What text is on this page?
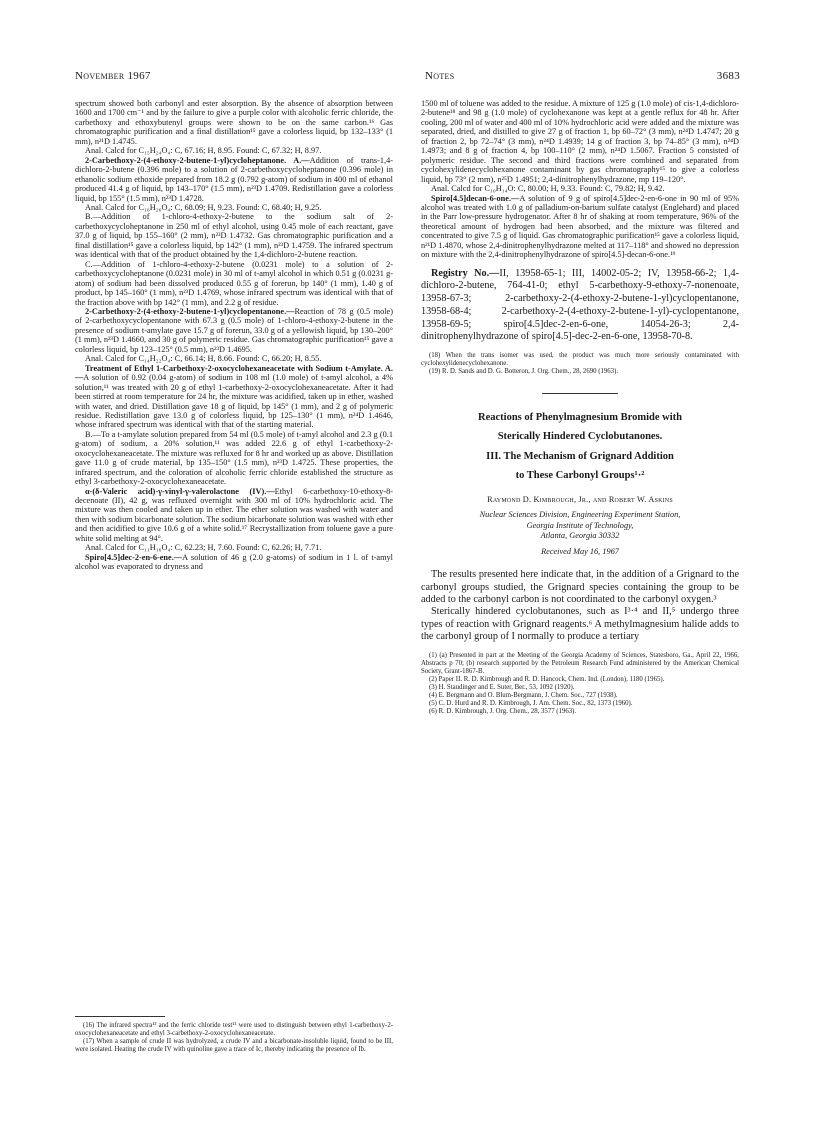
November 1967	Notes	3683

spectrum showed both carbonyl and ester absorption. By the absence of absorption between 1600 and 1700 cm⁻¹ and by the failure to give a purple color with alcoholic ferric chloride, the carbethoxy and ethoxybutenyl groups were shown to be on the same carbon.¹⁶ Gas chromatographic purification and a final distillation¹⁵ gave a colorless liquid, bp 132–133° (1 mm), n²¹D 1.4745.

Anal. Calcd for C₁₅H₂₄O₄: C, 67.16; H, 8.95. Found: C, 67.32; H, 8.97.

2-Carbethoxy-2-(4-ethoxy-2-butene-1-yl)cycloheptanone. A.—Addition of trans-1,4-dichloro-2-butene (0.396 mole) to a solution of 2-carbethoxycycloheptanone (0.396 mole) in ethanolic sodium ethoxide prepared from 18.2 g (0.792 g-atom) of sodium in 400 ml of ethanol produced 41.4 g of liquid, bp 143–170° (1.5 mm), n²³D 1.4709. Redistillation gave a colorless liquid, bp 155° (1.5 mm), n²³D 1.4728.

Anal. Calcd for C₁₆H₂₆O₄: C, 68.09; H, 9.23. Found: C, 68.40; H, 9.25.

B.—Addition of 1-chloro-4-ethoxy-2-butene to the sodium salt of 2-carbethoxycycloheptanone in 250 ml of ethyl alcohol, using 0.45 mole of each reactant, gave 37.0 g of liquid, bp 155–160° (2 mm), n²³D 1.4732. Gas chromatographic purification and a final distillation¹⁵ gave a colorless liquid, bp 142° (1 mm), n²³D 1.4759. The infrared spectrum was identical with that of the product obtained by the 1,4-dichloro-2-butene reaction.

C.—Addition of 1-chloro-4-ethoxy-2-butene (0.0231 mole) to a solution of 2-carbethoxycycloheptanone (0.0231 mole) in 30 ml of t-amyl alcohol in which 0.51 g (0.0231 g-atom) of sodium had been dissolved produced 0.55 g of forerun, bp 140° (1 mm), 1.40 g of product, bp 145–160° (1 mm), n²³D 1.4769, whose infrared spectrum was identical with that of the fraction above with bp 142° (1 mm), and 2.2 g of residue.

2-Carbethoxy-2-(4-ethoxy-2-butene-1-yl)cyclopentanone.—Reaction of 78 g (0.5 mole) of 2-carbethoxycyclopentanone with 67.3 g (0.5 mole) of 1-chloro-4-ethoxy-2-butene in the presence of sodium t-amylate gave 15.7 g of forerun, 33.0 g of a yellowish liquid, bp 130–200° (1 mm), n²³D 1.4660, and 30 g of polymeric residue. Gas chromatographic purification¹⁵ gave a colorless liquid, bp 123–125° (0.5 mm), n²³D 1.4695.

Anal. Calcd for C₁₄H₂₂O₄: C, 66.14; H, 8.66. Found: C, 66.20; H, 8.55.

Treatment of Ethyl 1-Carbethoxy-2-oxocyclohexaneacetate with Sodium t-Amylate. A.—A solution of 0.92 (0.04 g-atom) of sodium in 108 ml (1.0 mole) of t-amyl alcohol, a 4% solution,¹¹ was treated with 20 g of ethyl 1-carbethoxy-2-oxocyclohexaneacetate. After it had been stirred at room temperature for 24 hr, the mixture was acidified, taken up in ether, washed with water, and dried. Distillation gave 18 g of liquid, bp 145° (1 mm), and 2 g of polymeric residue. Redistillation gave 13.0 g of colorless liquid, bp 125–130° (1 mm), n²⁴D 1.4646, whose infrared spectrum was identical with that of the starting material.

B.—To a t-amylate solution prepared from 54 ml (0.5 mole) of t-amyl alcohol and 2.3 g (0.1 g-atom) of sodium, a 20% solution,¹¹ was added 22.6 g of ethyl 1-carbethoxy-2-oxocyclohexaneacetate. The mixture was refluxed for 8 hr and worked up as above. Distillation gave 11.0 g of crude material, bp 135–150° (1.5 mm), n²³D 1.4725. These properties, the infrared spectrum, and the coloration of alcoholic ferric chloride established the structure as ethyl 3-carbethoxy-2-oxocyclohexaneacetate.

α-(δ-Valeric acid)-γ-vinyl-γ-valerolactone (IV).—Ethyl 6-carbethoxy-10-ethoxy-8-decenoate (II), 42 g, was refluxed overnight with 300 ml of 10% hydrochloric acid. The mixture was then cooled and taken up in ether. The ether solution was washed with water and then with sodium bicarbonate solution. The sodium bicarbonate solution was washed with ether and then acidified to give 10.6 g of a white solid.¹⁷ Recrystallization from toluene gave a pure white solid melting at 94°.

Anal. Calcd for C₁₁H₁₆O₄: C, 62.23; H, 7.60. Found: C, 62.26; H, 7.71.

Spiro[4.5]dec-2-en-6-ene.—A solution of 46 g (2.0 g-atoms) of sodium in 1 l. of t-amyl alcohol was evaporated to dryness and

(16) The infrared spectra¹³ and the ferric chloride test¹¹ were used to distinguish between ethyl 1-carbethoxy-2-oxocyclohexaneacetate and ethyl 3-carbethoxy-2-oxocyclohexaneacetate.

(17) When a sample of crude II was hydrolyzed, a crude IV and a bicarbonate-insoluble liquid, found to be III, were isolated. Heating the crude IV with quinoline gave a trace of Ic, thereby indicating the presence of Ib.

1500 ml of toluene was added to the residue. A mixture of 125 g (1.0 mole) of cis-1,4-dichloro-2-butene¹⁸ and 98 g (1.0 mole) of cyclohexanone was kept at a gentle reflux for 48 hr. After cooling, 200 ml of water and 400 ml of 10% hydrochloric acid were added and the mixture was separated, dried, and distilled to give 27 g of fraction 1, bp 60–72° (3 mm), n²⁴D 1.4747; 20 g of fraction 2, bp 72–74° (3 mm), n²⁴D 1.4939; 14 g of fraction 3, bp 74–85° (3 mm), n²⁴D 1.4973; and 8 g of fraction 4, bp 100–110° (2 mm), n²⁴D 1.5067. Fraction 5 consisted of polymeric residue. The second and third fractions were combined and separated from cyclohexylidenecyclohexanone contaminant by gas chromatography¹⁵ to give a colorless liquid, bp 73° (2 mm), n²⁵D 1.4951; 2,4-dinitrophenylhydrazone, mp 119–120°.

Anal. Calcd for C₁₀H₁₄O: C, 80.00; H, 9.33. Found: C, 79.82; H, 9.42.

Spiro[4.5]decan-6-one.—A solution of 9 g of spiro[4.5]dec-2-en-6-one in 90 ml of 95% alcohol was treated with 1.0 g of palladium-on-barium sulfate catalyst (Englehard) and placed in the Parr low-pressure hydrogenator. After 8 hr of shaking at room temperature, 96% of the theoretical amount of hydrogen had been absorbed, and the mixture was filtered and concentrated to give 7.5 g of liquid. Gas chromatographic purification¹⁵ gave a colorless liquid, n²¹D 1.4870, whose 2,4-dinitrophenylhydrazone melted at 117–118° and showed no depression on mixture with the 2,4-dinitrophenylhydrazone of spiro[4.5]-decan-6-one.¹⁹

Registry No.—II, 13958-65-1; III, 14002-05-2; IV, 13958-66-2; 1,4-dichloro-2-butene, 764-41-0; ethyl 5-carbethoxy-9-ethoxy-7-nonenoate, 13958-67-3; 2-carbethoxy-2-(4-ethoxy-2-butene-1-yl)cyclopentanone, 13958-68-4; 2-carbethoxy-2-(4-ethoxy-2-butene-1-yl)-cyclopentanone, 13958-69-5; spiro[4.5]dec-2-en-6-one, 14054-26-3; 2,4-dinitrophenylhydrazone of spiro[4.5]-dec-2-en-6-one, 13958-70-8.

(18) When the trans isomer was used, the product was much more seriously contaminated with cyclohexylidenecyclohexanone.

(19) R. D. Sands and D. G. Botteron, J. Org. Chem., 28, 2690 (1963).

Reactions of Phenylmagnesium Bromide with
Sterically Hindered Cyclobutanones.
III. The Mechanism of Grignard Addition
to These Carbonyl Groups¹·²
Raymond D. Kimbrough, Jr., and Robert W. Askins
Nuclear Sciences Division, Engineering Experiment Station,
Georgia Institute of Technology,
Atlanta, Georgia 30332
Received May 16, 1967

The results presented here indicate that, in the addition of a Grignard to the carbonyl groups studied, the Grignard species containing the group to be added to the carbonyl carbon is not coordinated to the carbonyl oxygen.³

Sterically hindered cyclobutanones, such as I³·⁴ and II,⁵ undergo three types of reaction with Grignard reagents.⁶ A methylmagnesium halide adds to the carbonyl group of I normally to produce a tertiary

(1) (a) Presented in part at the Meeting of the Georgia Academy of Sciences, Statesboro, Ga., April 22, 1966, Abstracts p 70; (b) research supported by the Petroleum Research Fund administered by the American Chemical Society, Grant-1867-B.

(2) Paper II. R. D. Kimbrough and R. D. Hancock, Chem. Ind. (London), 1180 (1965).

(3) H. Staudinger and E. Suter, Ber., 53, 1092 (1920).

(4) E. Bergmann and O. Blum-Bergmann, J. Chem. Soc., 727 (1938).

(5) C. D. Hurd and R. D. Kimbrough, J. Am. Chem. Soc., 82, 1373 (1960).

(6) R. D. Kimbrough, J. Org. Chem., 28, 3577 (1963).
